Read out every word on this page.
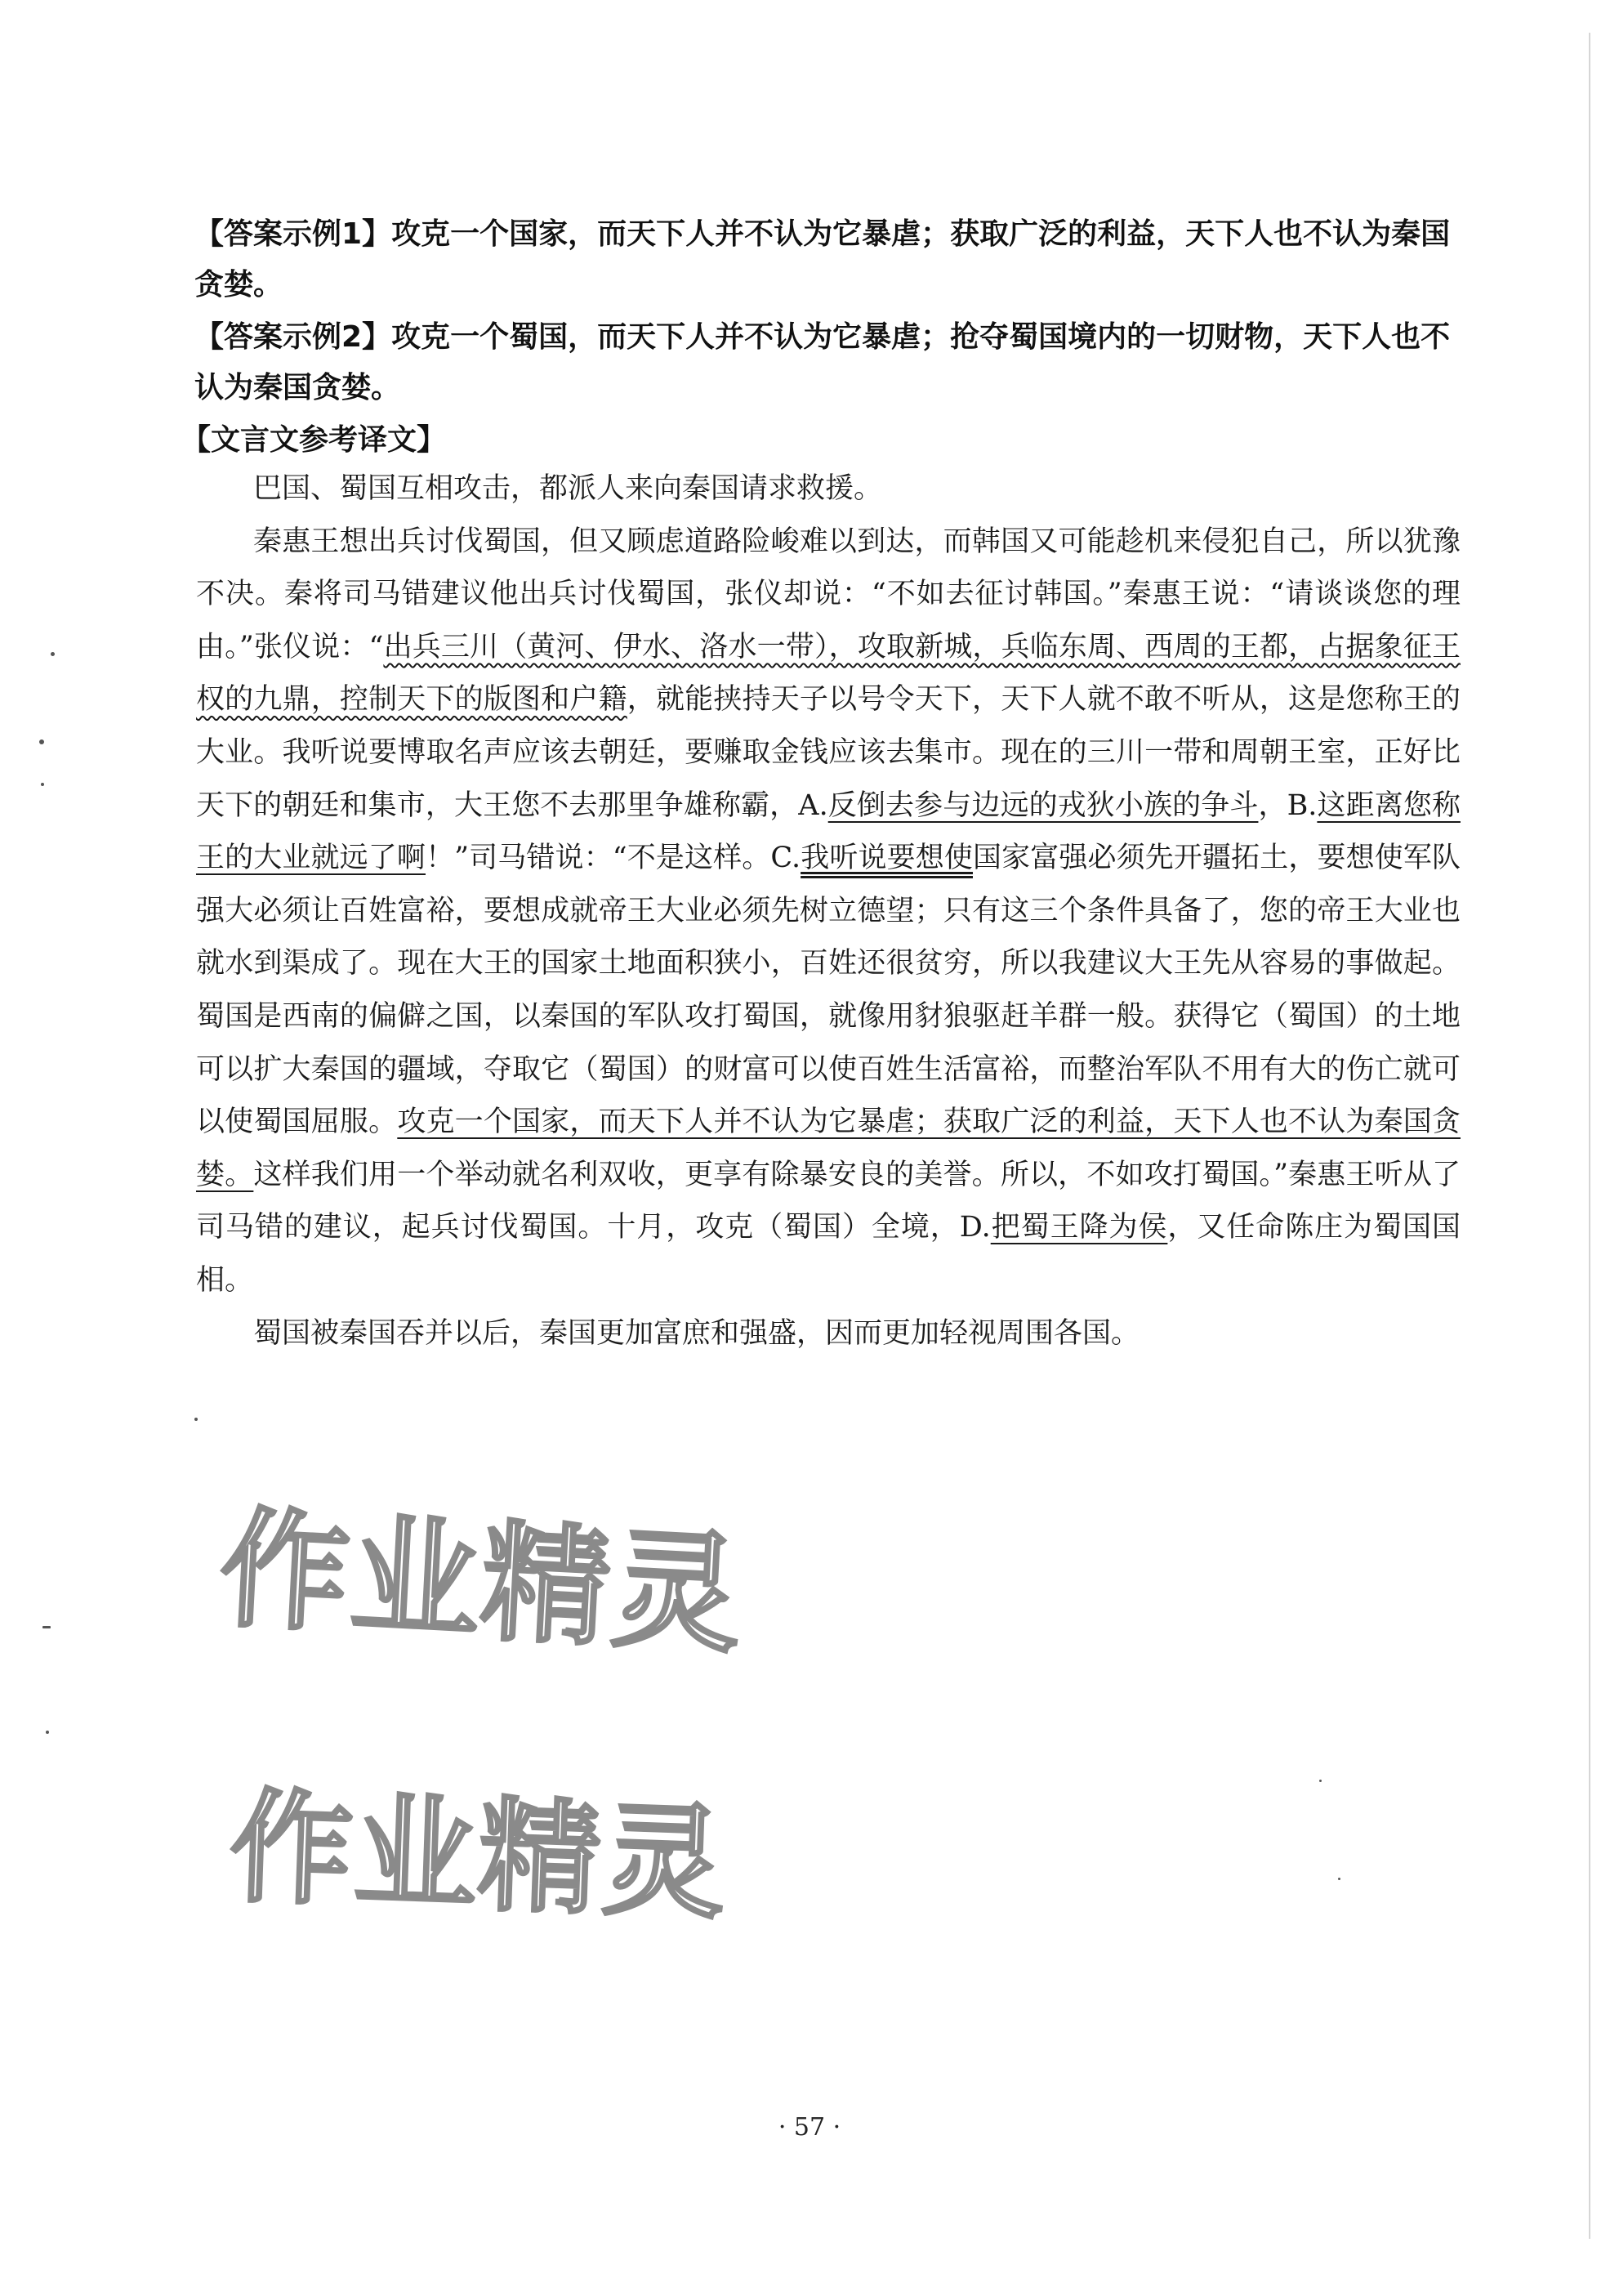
【答案示例1】攻克一个国家，而天下人并不认为它暴虐；获取广泛的利益，天下人也不认为秦国贪婪。
【答案示例2】攻克一个蜀国，而天下人并不认为它暴虐；抢夺蜀国境内的一切财物，天下人也不认为秦国贪婪。
【文言文参考译文】

巴国、蜀国互相攻击，都派人来向秦国请求救援。

秦惠王想出兵讨伐蜀国，但又顾虑道路险峻难以到达，而韩国又可能趁机来侵犯自己，所以犹豫不决。秦将司马错建议他出兵讨伐蜀国，张仪却说：“不如去征讨韩国。”秦惠王说：“请谈谈您的理由。”张仪说：“出兵三川（黄河、伊水、洛水一带），攻取新城，兵临东周、西周的王都，占据象征王权的九鼎，控制天下的版图和户籍，就能挟持天子以号令天下，天下人就不敢不听从，这是您称王的大业。我听说要博取名声应该去朝廷，要赚取金钱应该去集市。现在的三川一带和周朝王室，正好比天下的朝廷和集市，大王您不去那里争雄称霸，A.反倒去参与边远的戎狄小族的争斗，B.这距离您称王的大业就远了啊！”司马错说：“不是这样。C.我听说要想使国家富强必须先开疆拓土，要想使军队强大必须让百姓富裕，要想成就帝王大业必须先树立德望；只有这三个条件具备了，您的帝王大业也就水到渠成了。现在大王的国家土地面积狭小，百姓还很贫穷，所以我建议大王先从容易的事做起。蜀国是西南的偏僻之国，以秦国的军队攻打蜀国，就像用豺狼驱赶羊群一般。获得它（蜀国）的土地可以扩大秦国的疆域，夺取它（蜀国）的财富可以使百姓生活富裕，而整治军队不用有大的伤亡就可以使蜀国屈服。攻克一个国家，而天下人并不认为它暴虐；获取广泛的利益，天下人也不认为秦国贪婪。这样我们用一个举动就名利双收，更享有除暴安良的美誉。所以，不如攻打蜀国。”秦惠王听从了司马错的建议，起兵讨伐蜀国。十月，攻克（蜀国）全境，D.把蜀王降为侯，又任命陈庄为蜀国国相。

蜀国被秦国吞并以后，秦国更加富庶和强盛，因而更加轻视周围各国。

作业精灵
作业精灵
· 57 ·
